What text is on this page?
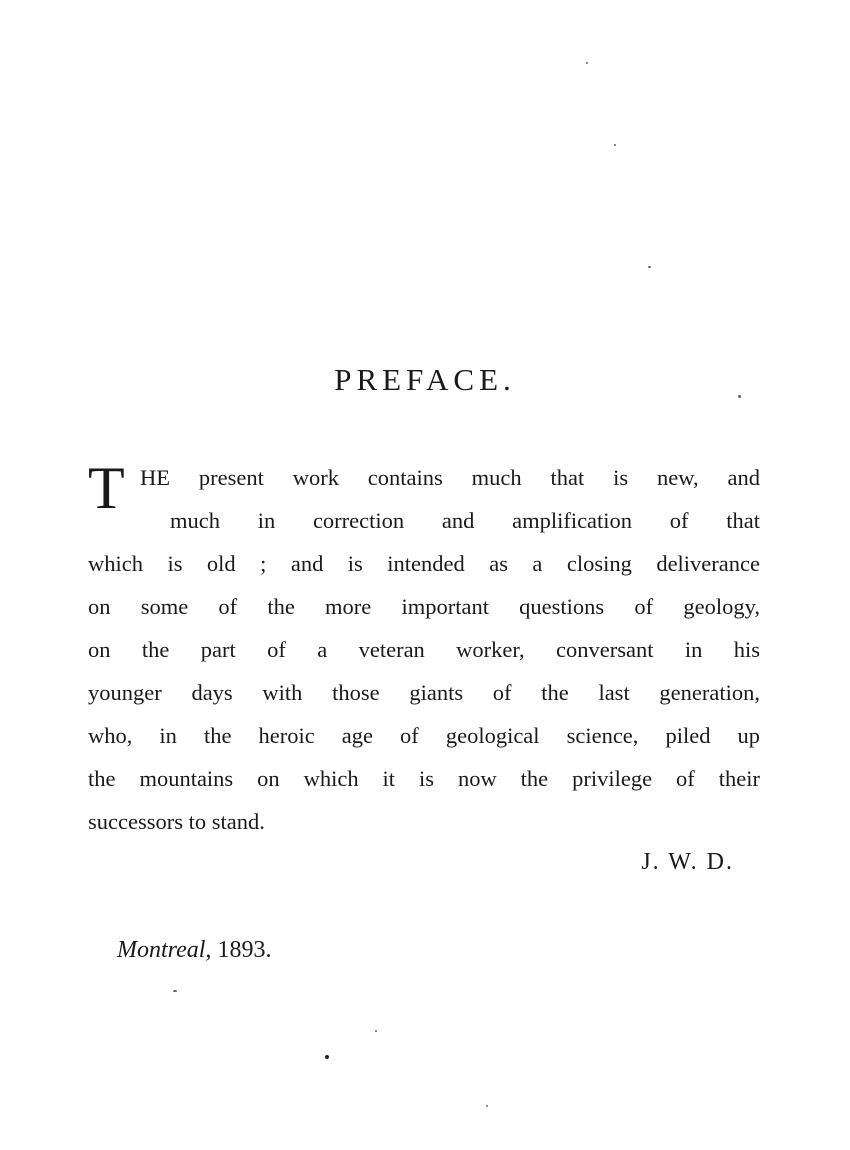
PREFACE.
T HE present work contains much that is new, and
much in correction and amplification of that
which is old ; and is intended as a closing deliverance
on some of the more important questions of geology,
on the part of a veteran worker, conversant in his
younger days with those giants of the last generation,
who, in the heroic age of geological science, piled up
the mountains on which it is now the privilege of their
successors to stand.
J. W. D.
Montreal, 1893.
